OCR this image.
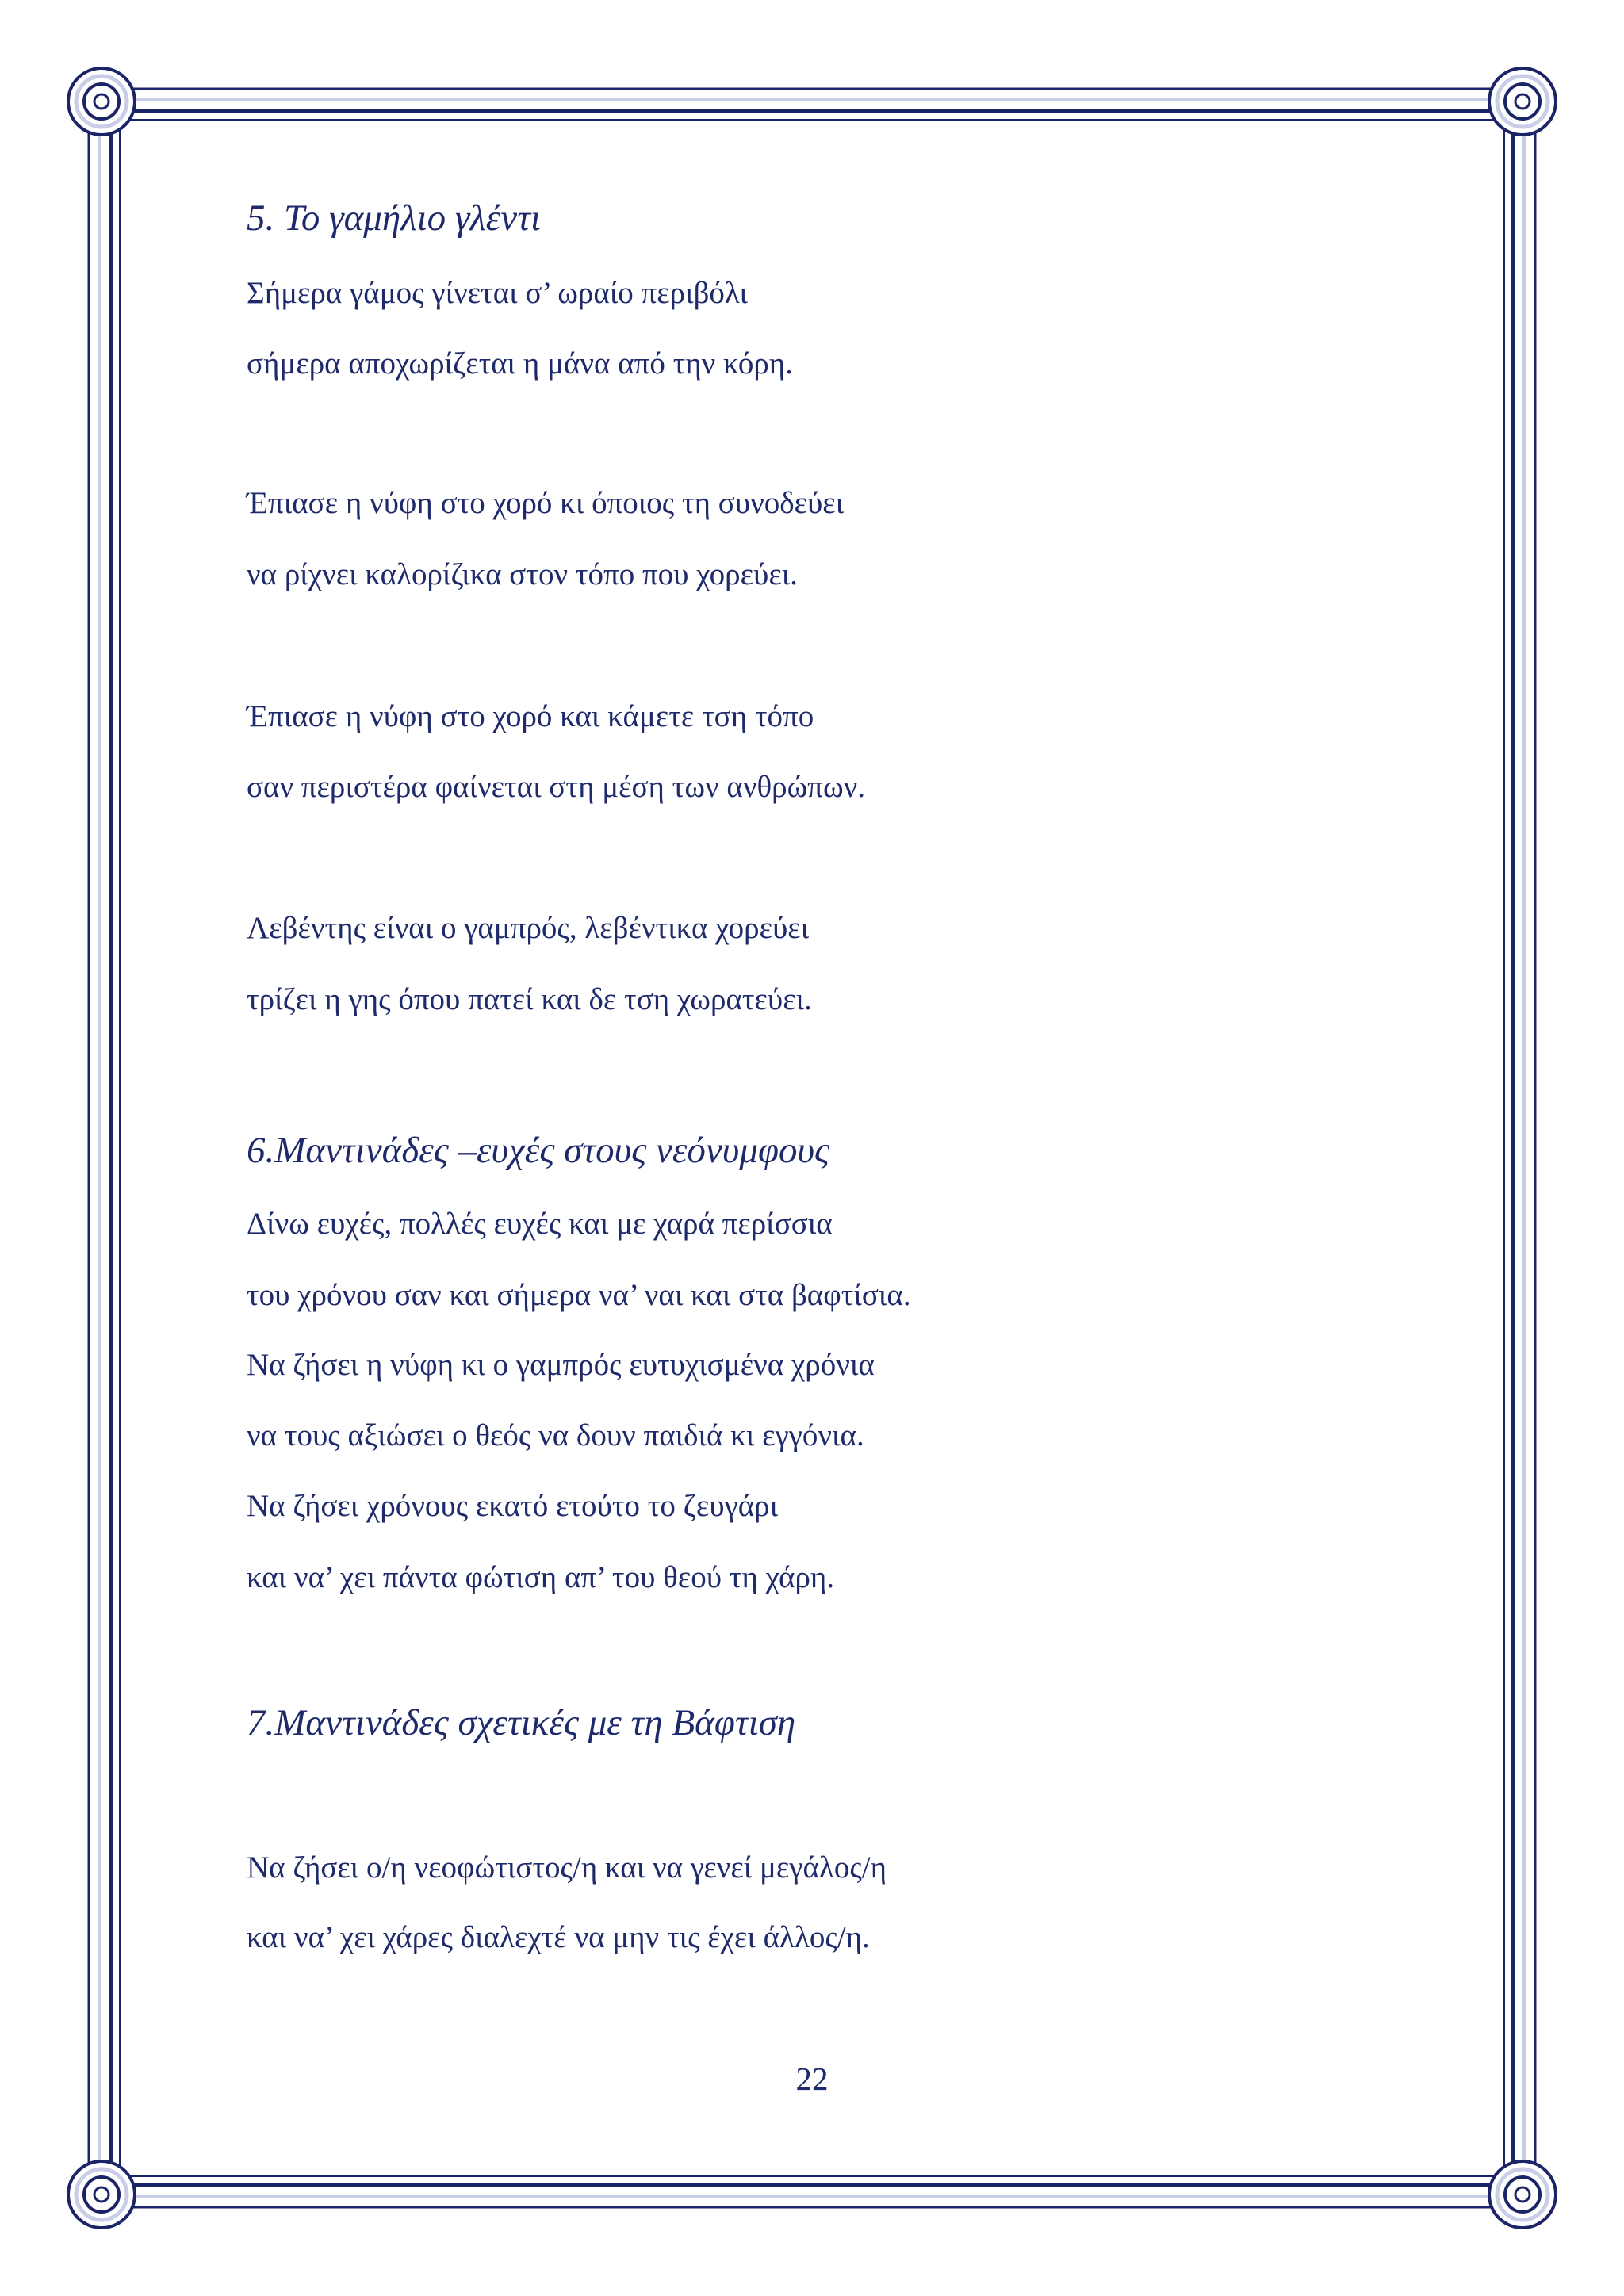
5. Το γαμήλιο γλέντι
Σήμερα γάμος γίνεται σ’ ωραίο περιβόλι
σήμερα αποχωρίζεται η μάνα από την κόρη.
Έπιασε η νύφη στο χορό κι όποιος τη συνοδεύει
να ρίχνει καλορίζικα στον τόπο που χορεύει.
Έπιασε η νύφη στο χορό και κάμετε τση τόπο
σαν περιστέρα φαίνεται στη μέση των ανθρώπων.
Λεβέντης είναι ο γαμπρός, λεβέντικα χορεύει
τρίζει η γης όπου πατεί και δε τση χωρατεύει.
6.Μαντινάδες –ευχές στους νεόνυμφους
Δίνω ευχές, πολλές ευχές και με χαρά περίσσια
του χρόνου σαν και σήμερα να’ ναι και στα βαφτίσια.
Να ζήσει η νύφη κι ο γαμπρός ευτυχισμένα χρόνια
να τους αξιώσει ο θεός να δουν παιδιά κι εγγόνια.
Να ζήσει χρόνους εκατό ετούτο το ζευγάρι
και να’ χει πάντα φώτιση απ’ του θεού τη χάρη.
7.Μαντινάδες σχετικές με τη Βάφτιση
Να ζήσει ο/η νεοφώτιστος/η και να γενεί μεγάλος/η
και να’ χει χάρες διαλεχτέ να μην τις έχει άλλος/η.
22
